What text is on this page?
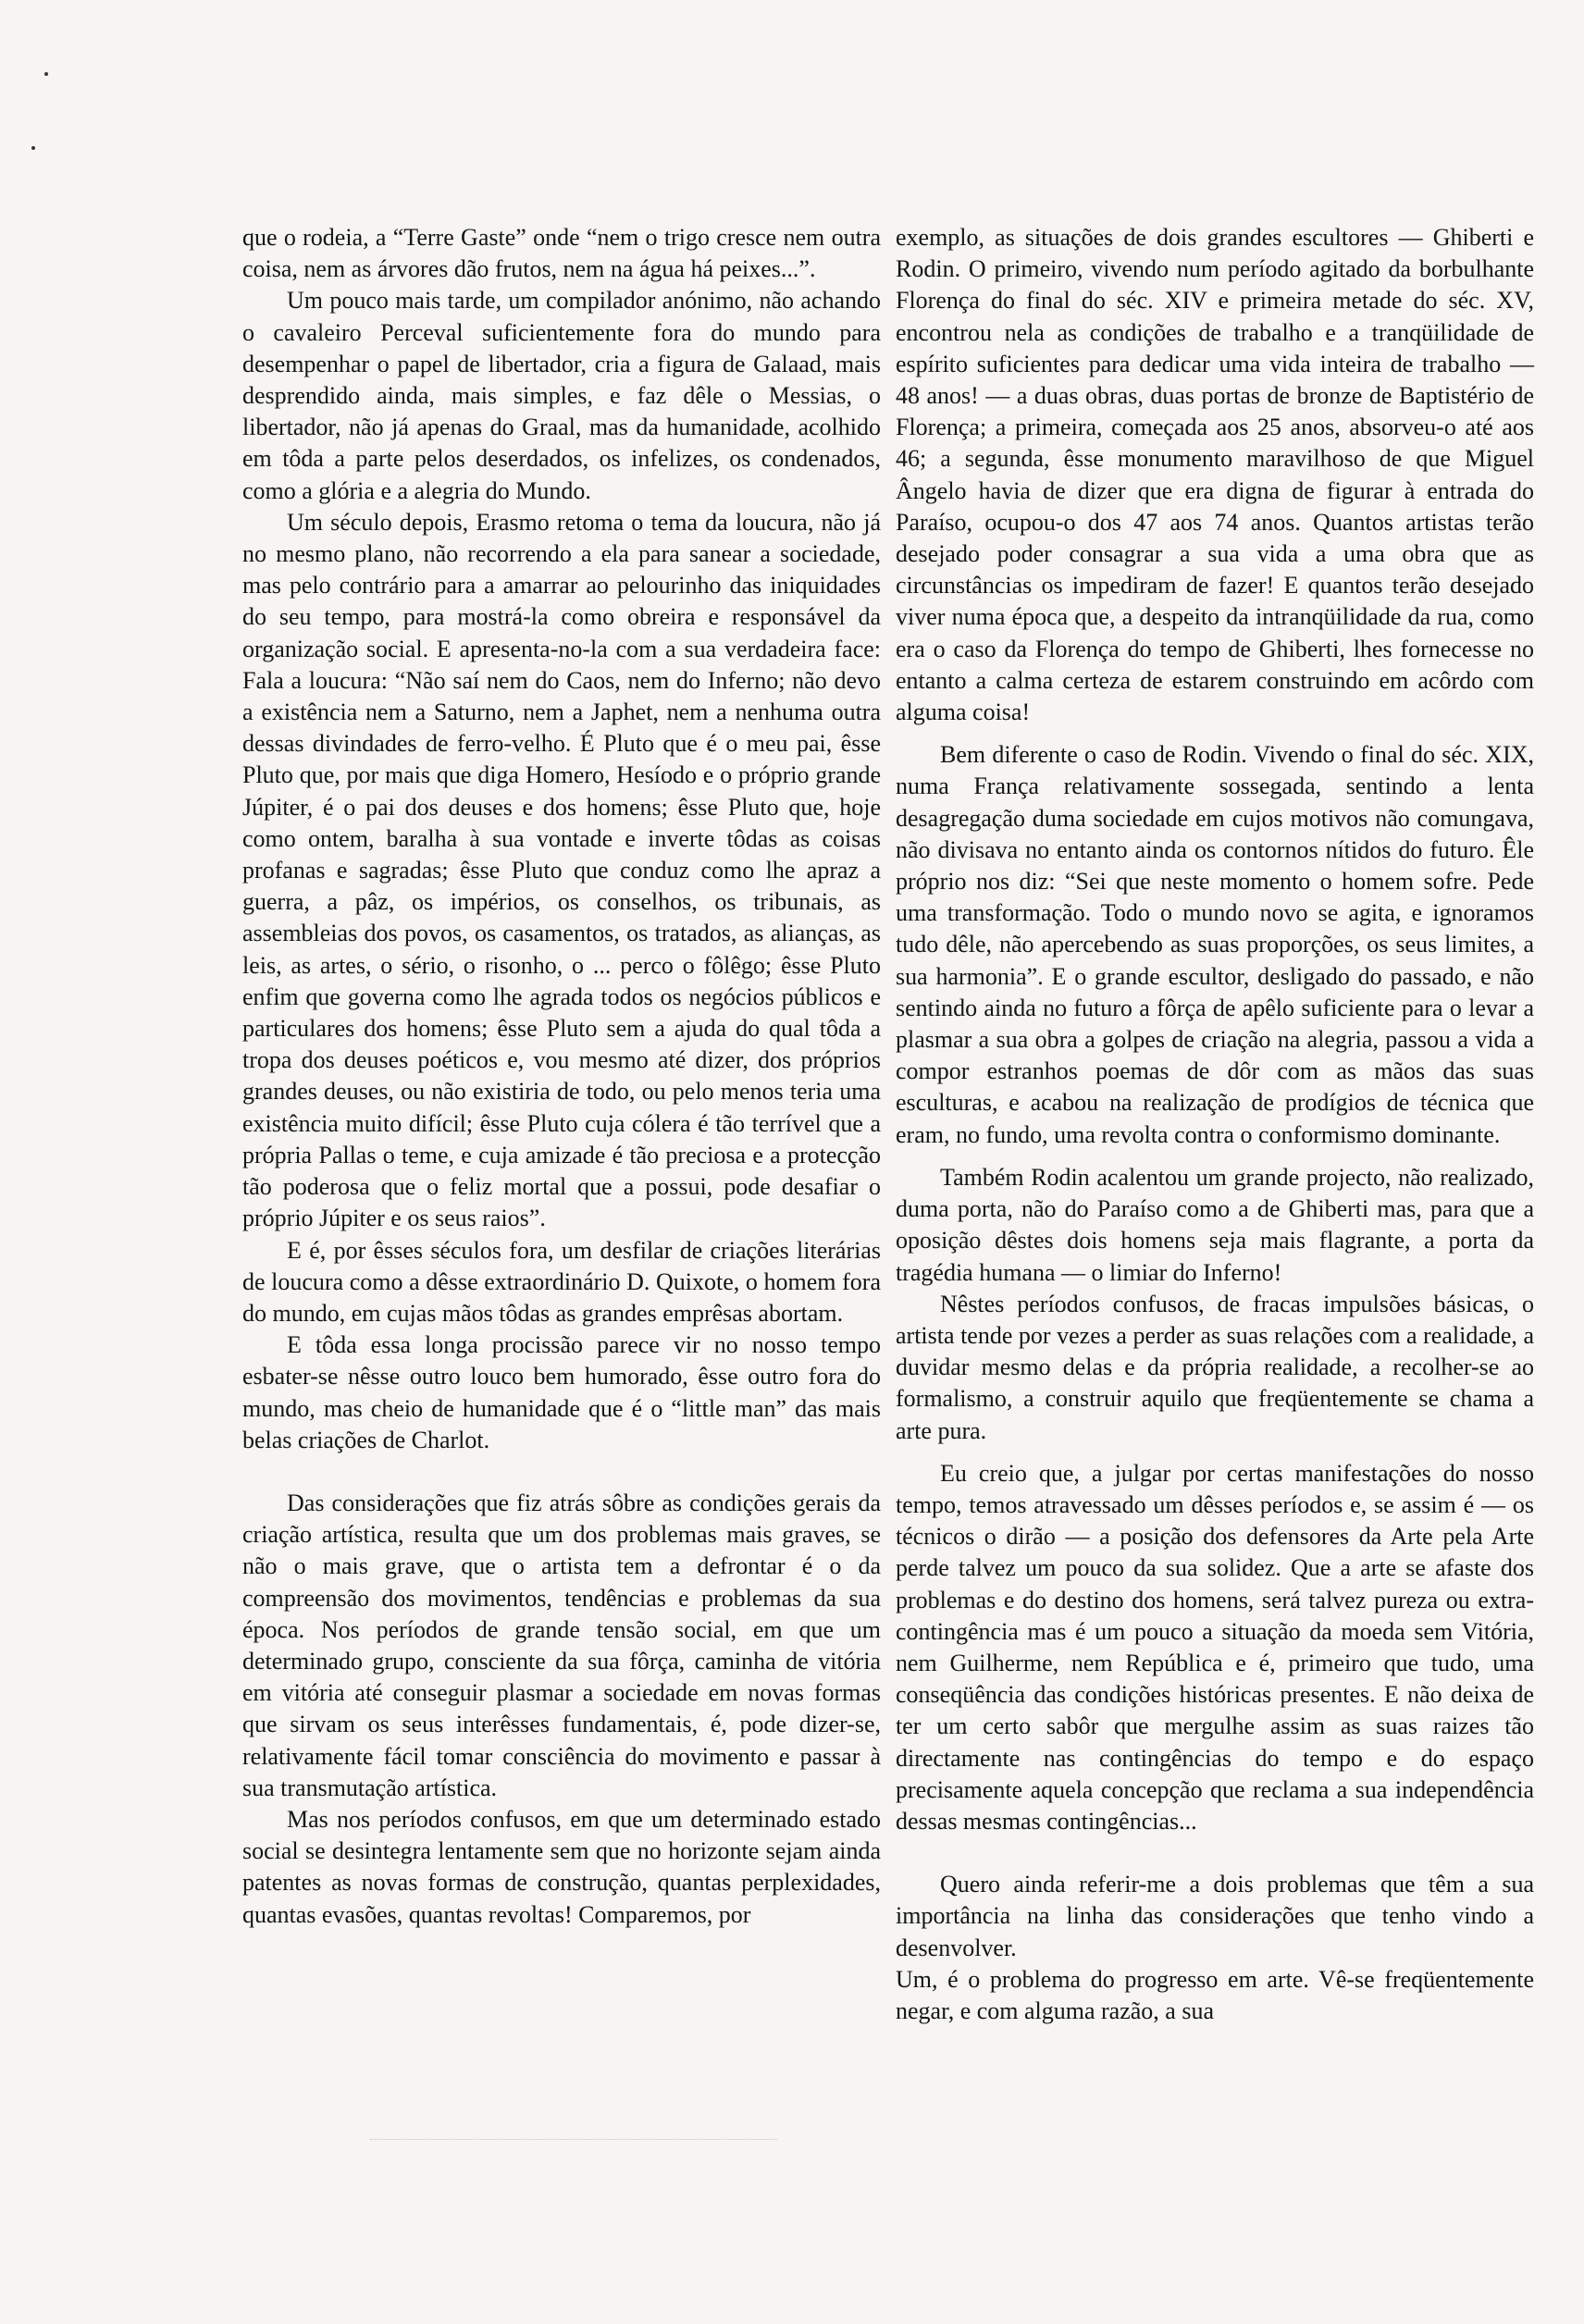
que o rodeia, a “Terre Gaste” onde “nem o trigo cresce nem outra coisa, nem as árvores dão frutos, nem na água há peixes...”.

Um pouco mais tarde, um compilador anónimo, não achando o cavaleiro Perceval suficientemente fora do mundo para desempenhar o papel de libertador, cria a figura de Galaad, mais desprendido ainda, mais simples, e faz dêle o Messias, o libertador, não já apenas do Graal, mas da humanidade, acolhido em tôda a parte pelos deserdados, os infelizes, os condenados, como a glória e a alegria do Mundo.

Um século depois, Erasmo retoma o tema da loucura, não já no mesmo plano, não recorrendo a ela para sanear a sociedade, mas pelo contrário para a amarrar ao pelourinho das iniquidades do seu tempo, para mostrá-la como obreira e responsável da organização social. E apresenta-no-la com a sua verdadeira face: Fala a loucura: “Não saí nem do Caos, nem do Inferno; não devo a existência nem a Saturno, nem a Japhet, nem a nenhuma outra dessas divindades de ferro-velho. É Pluto que é o meu pai, êsse Pluto que, por mais que diga Homero, Hesíodo e o próprio grande Júpiter, é o pai dos deuses e dos homens; êsse Pluto que, hoje como ontem, baralha à sua vontade e inverte tôdas as coisas profanas e sagradas; êsse Pluto que conduz como lhe apraz a guerra, a pâz, os impérios, os conselhos, os tribunais, as assembleias dos povos, os casamentos, os tratados, as alianças, as leis, as artes, o sério, o risonho, o ... perco o fôlêgo; êsse Pluto enfim que governa como lhe agrada todos os negócios públicos e particulares dos homens; êsse Pluto sem a ajuda do qual tôda a tropa dos deuses poéticos e, vou mesmo até dizer, dos próprios grandes deuses, ou não existiria de todo, ou pelo menos teria uma existência muito difícil; êsse Pluto cuja cólera é tão terrível que a própria Pallas o teme, e cuja amizade é tão preciosa e a protecção tão poderosa que o feliz mortal que a possui, pode desafiar o próprio Júpiter e os seus raios”.

E é, por êsses séculos fora, um desfilar de criações literárias de loucura como a dêsse extraordinário D. Quixote, o homem fora do mundo, em cujas mãos tôdas as grandes emprêsas abortam.

E tôda essa longa procissão parece vir no nosso tempo esbater-se nêsse outro louco bem humorado, êsse outro fora do mundo, mas cheio de humanidade que é o “little man” das mais belas criações de Charlot.

Das considerações que fiz atrás sôbre as condições gerais da criação artística, resulta que um dos problemas mais graves, se não o mais grave, que o artista tem a defrontar é o da compreensão dos movimentos, tendências e problemas da sua época. Nos períodos de grande tensão social, em que um determinado grupo, consciente da sua fôrça, caminha de vitória em vitória até conseguir plasmar a sociedade em novas formas que sirvam os seus interêsses fundamentais, é, pode dizer-se, relativamente fácil tomar consciência do movimento e passar à sua transmutação artística.

Mas nos períodos confusos, em que um determinado estado social se desintegra lentamente sem que no horizonte sejam ainda patentes as novas formas de construção, quantas perplexidades, quantas evasões, quantas revoltas! Comparemos, por

exemplo, as situações de dois grandes escultores — Ghiberti e Rodin. O primeiro, vivendo num período agitado da borbulhante Florença do final do séc. XIV e primeira metade do séc. XV, encontrou nela as condições de trabalho e a tranqüilidade de espírito suficientes para dedicar uma vida inteira de trabalho — 48 anos! — a duas obras, duas portas de bronze de Baptistério de Florença; a primeira, começada aos 25 anos, absorveu-o até aos 46; a segunda, êsse monumento maravilhoso de que Miguel Ângelo havia de dizer que era digna de figurar à entrada do Paraíso, ocupou-o dos 47 aos 74 anos. Quantos artistas terão desejado poder consagrar a sua vida a uma obra que as circunstâncias os impediram de fazer! E quantos terão desejado viver numa época que, a despeito da intranqüilidade da rua, como era o caso da Florença do tempo de Ghiberti, lhes fornecesse no entanto a calma certeza de estarem construindo em acôrdo com alguma coisa!

Bem diferente o caso de Rodin. Vivendo o final do séc. XIX, numa França relativamente sossegada, sentindo a lenta desagregação duma sociedade em cujos motivos não comungava, não divisava no entanto ainda os contornos nítidos do futuro. Êle próprio nos diz: “Sei que neste momento o homem sofre. Pede uma transformação. Todo o mundo novo se agita, e ignoramos tudo dêle, não apercebendo as suas proporções, os seus limites, a sua harmonia”. E o grande escultor, desligado do passado, e não sentindo ainda no futuro a fôrça de apêlo suficiente para o levar a plasmar a sua obra a golpes de criação na alegria, passou a vida a compor estranhos poemas de dôr com as mãos das suas esculturas, e acabou na realização de prodígios de técnica que eram, no fundo, uma revolta contra o conformismo dominante.

Também Rodin acalentou um grande projecto, não realizado, duma porta, não do Paraíso como a de Ghiberti mas, para que a oposição dêstes dois homens seja mais flagrante, a porta da tragédia humana — o limiar do Inferno!

Nêstes períodos confusos, de fracas impulsões básicas, o artista tende por vezes a perder as suas relações com a realidade, a duvidar mesmo delas e da própria realidade, a recolher-se ao formalismo, a construir aquilo que freqüentemente se chama a arte pura.

Eu creio que, a julgar por certas manifestações do nosso tempo, temos atravessado um dêsses períodos e, se assim é — os técnicos o dirão — a posição dos defensores da Arte pela Arte perde talvez um pouco da sua solidez. Que a arte se afaste dos problemas e do destino dos homens, será talvez pureza ou extra-contingência mas é um pouco a situação da moeda sem Vitória, nem Guilherme, nem República e é, primeiro que tudo, uma conseqüência das condições históricas presentes. E não deixa de ter um certo sabôr que mergulhe assim as suas raizes tão directamente nas contingências do tempo e do espaço precisamente aquela concepção que reclama a sua independência dessas mesmas contingências...

Quero ainda referir-me a dois problemas que têm a sua importância na linha das considerações que tenho vindo a desenvolver.

Um, é o problema do progresso em arte. Vê-se freqüentemente negar, e com alguma razão, a sua
